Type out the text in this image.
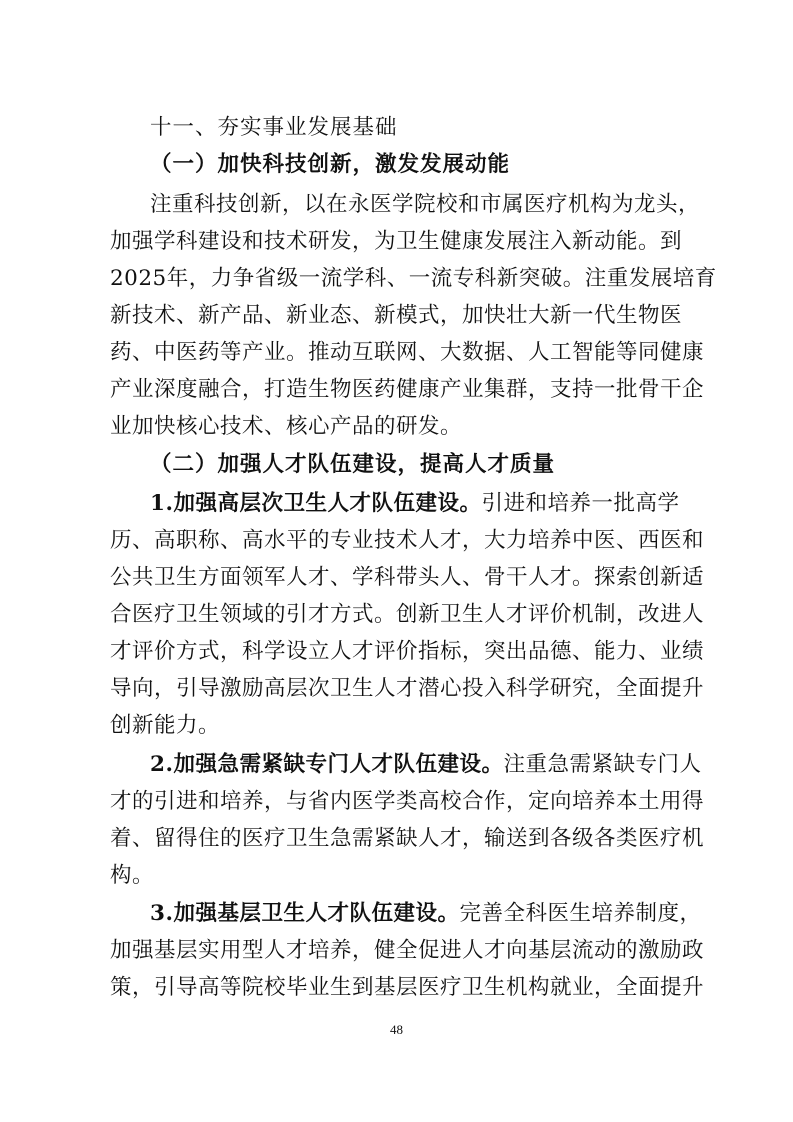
十一、夯实事业发展基础
（一）加快科技创新，激发发展动能
注重科技创新，以在永医学院校和市属医疗机构为龙头，
加强学科建设和技术研发，为卫生健康发展注入新动能。到
2025年，力争省级一流学科、一流专科新突破。注重发展培育
新技术、新产品、新业态、新模式，加快壮大新一代生物医
药、中医药等产业。推动互联网、大数据、人工智能等同健康
产业深度融合，打造生物医药健康产业集群，支持一批骨干企
业加快核心技术、核心产品的研发。
（二）加强人才队伍建设，提高人才质量
1.加强高层次卫生人才队伍建设。引进和培养一批高学
历、高职称、高水平的专业技术人才，大力培养中医、西医和
公共卫生方面领军人才、学科带头人、骨干人才。探索创新适
合医疗卫生领域的引才方式。创新卫生人才评价机制，改进人
才评价方式，科学设立人才评价指标，突出品德、能力、业绩
导向，引导激励高层次卫生人才潜心投入科学研究，全面提升
创新能力。
2.加强急需紧缺专门人才队伍建设。注重急需紧缺专门人
才的引进和培养，与省内医学类高校合作，定向培养本土用得
着、留得住的医疗卫生急需紧缺人才，输送到各级各类医疗机
构。
3.加强基层卫生人才队伍建设。完善全科医生培养制度，
加强基层实用型人才培养，健全促进人才向基层流动的激励政
策，引导高等院校毕业生到基层医疗卫生机构就业，全面提升
48
